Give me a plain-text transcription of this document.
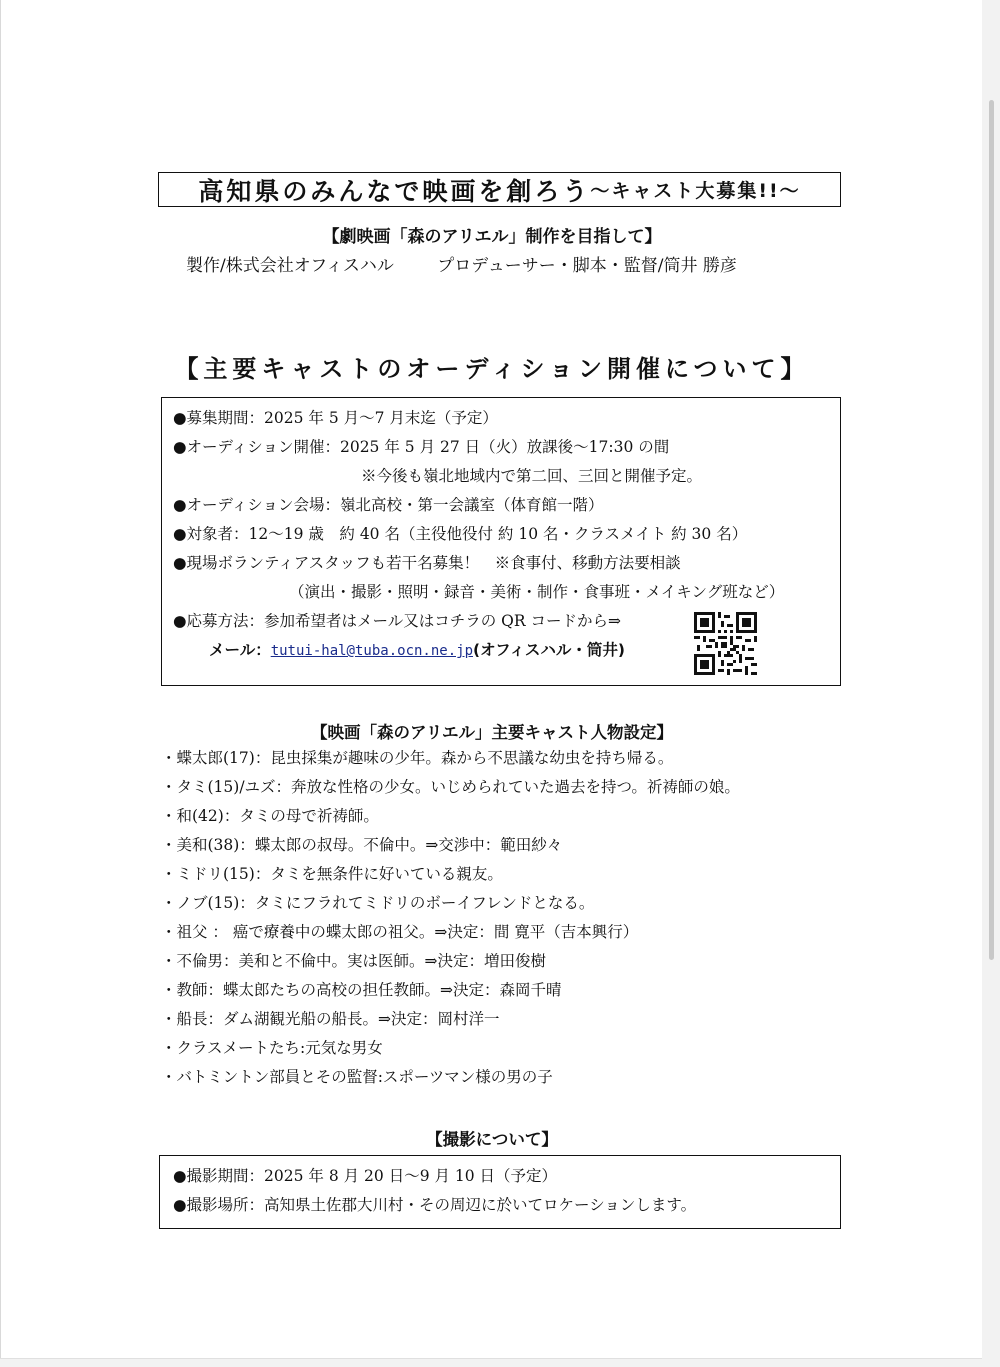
高知県のみんなで映画を創ろう ～キャスト大募集!!～
【劇映画「森のアリエル」制作を目指して】
製作/株式会社オフィスハル	プロデューサー・脚本・監督/筒井 勝彦
【主要キャストのオーディション開催について】
●募集期間：2025 年 5 月～7 月末迄（予定）
●オーディション開催：2025 年 5 月 27 日（火）放課後～17:30 の間
※今後も嶺北地域内で第二回、三回と開催予定。
●オーディション会場：嶺北高校・第一会議室（体育館一階）
●対象者：12～19 歳　約 40 名（主役他役付 約 10 名・クラスメイト 約 30 名）
●現場ボランティアスタッフも若干名募集！　※食事付、移動方法要相談
（演出・撮影・照明・録音・美術・制作・食事班・メイキング班など）
●応募方法：参加希望者はメール又はコチラの QR コードから⇒
メール：tutui-hal@tuba.ocn.ne.jp(オフィスハル・筒井)
【映画「森のアリエル」主要キャスト人物設定】
・蝶太郎(17)：昆虫採集が趣味の少年。森から不思議な幼虫を持ち帰る。
・タミ(15)/ユズ：奔放な性格の少女。いじめられていた過去を持つ。祈祷師の娘。
・和(42)：タミの母で祈祷師。
・美和(38)：蝶太郎の叔母。不倫中。⇒交渉中：範田紗々
・ミドリ(15)：タミを無条件に好いている親友。
・ノブ(15)：タミにフラれてミドリのボーイフレンドとなる。
・祖父 ： 癌で療養中の蝶太郎の祖父。⇒決定：間 寛平（吉本興行）
・不倫男：美和と不倫中。実は医師。⇒決定：増田俊樹
・教師：蝶太郎たちの高校の担任教師。⇒決定：森岡千晴
・船長：ダム湖観光船の船長。⇒決定：岡村洋一
・クラスメートたち:元気な男女
・バトミントン部員とその監督:スポーツマン様の男の子
【撮影について】
●撮影期間：2025 年 8 月 20 日～9 月 10 日（予定）
●撮影場所：高知県土佐郡大川村・その周辺に於いてロケーションします。
